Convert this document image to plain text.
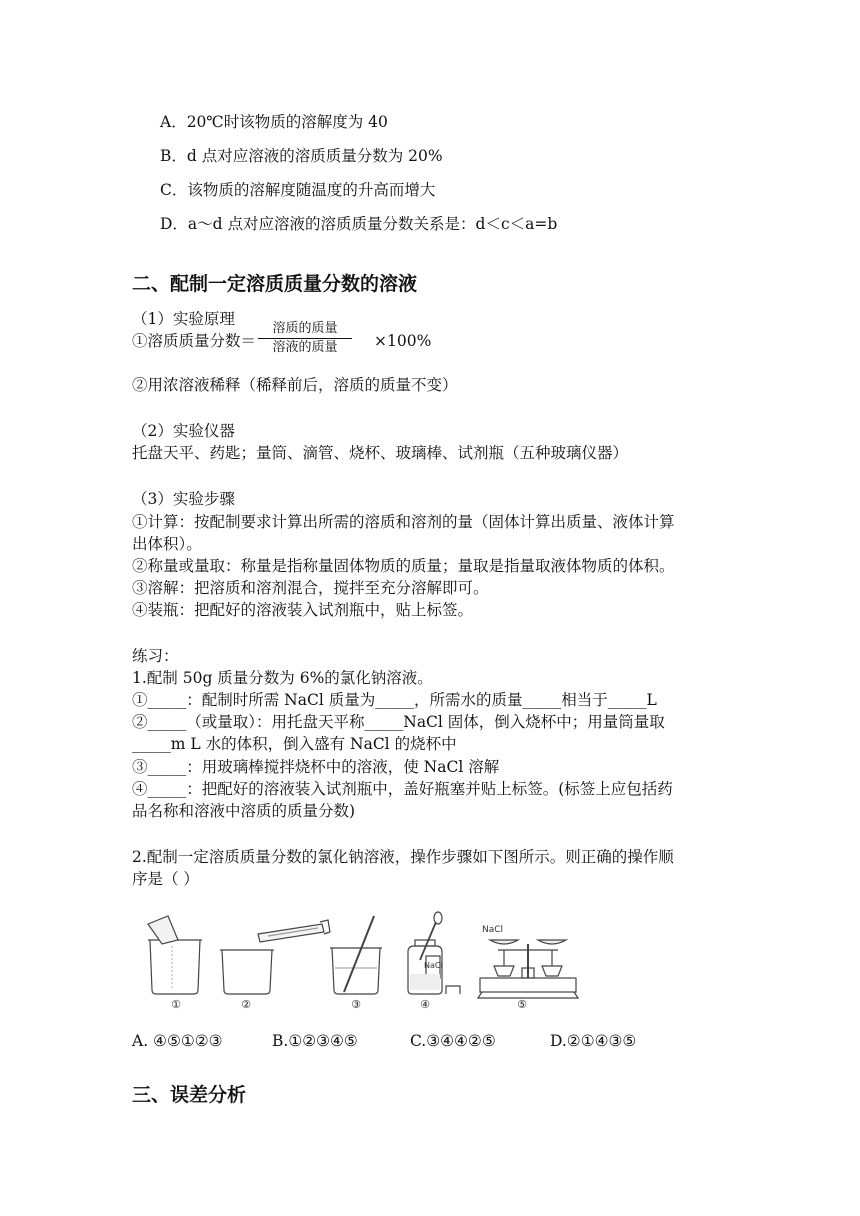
A．20℃时该物质的溶解度为 40
B．d 点对应溶液的溶质质量分数为 20%
C．该物质的溶解度随温度的升高而增大
D．a～d 点对应溶液的溶质质量分数关系是：d＜c＜a=b
二、配制一定溶质质量分数的溶液
（1）实验原理
①溶质质量分数＝
溶质的质量
溶液的质量	×100%
②用浓溶液稀释（稀释前后，溶质的质量不变）
（2）实验仪器
托盘天平、药匙；量筒、滴管、烧杯、玻璃棒、试剂瓶（五种玻璃仪器）
（3）实验步骤
①计算：按配制要求计算出所需的溶质和溶剂的量（固体计算出质量、液体计算
出体积）。
②称量或量取：称量是指称量固体物质的质量；量取是指量取液体物质的体积。
③溶解：把溶质和溶剂混合，搅拌至充分溶解即可。
④装瓶：把配好的溶液装入试剂瓶中，贴上标签。
练习：
1.配制 50g 质量分数为 6%的氯化钠溶液。
①_____：配制时所需 NaCl 质量为_____，所需水的质量_____相当于_____L
②_____（或量取）：用托盘天平称_____NaCl 固体，倒入烧杯中；用量筒量取
_____m L 水的体积，倒入盛有 NaCl 的烧杯中
③_____：用玻璃棒搅拌烧杯中的溶液，使 NaCl 溶解
④_____：把配好的溶液装入试剂瓶中，盖好瓶塞并贴上标签。(标签上应包括药
品名称和溶液中溶质的质量分数)
2.配制一定溶质质量分数的氯化钠溶液，操作步骤如下图所示。则正确的操作顺
序是（ ）
NaCl
NaCl
①	②	③	④	⑤
A. ④⑤①②③	B.①②③④⑤	C.③④④②⑤	D.②①④③⑤
三、误差分析
